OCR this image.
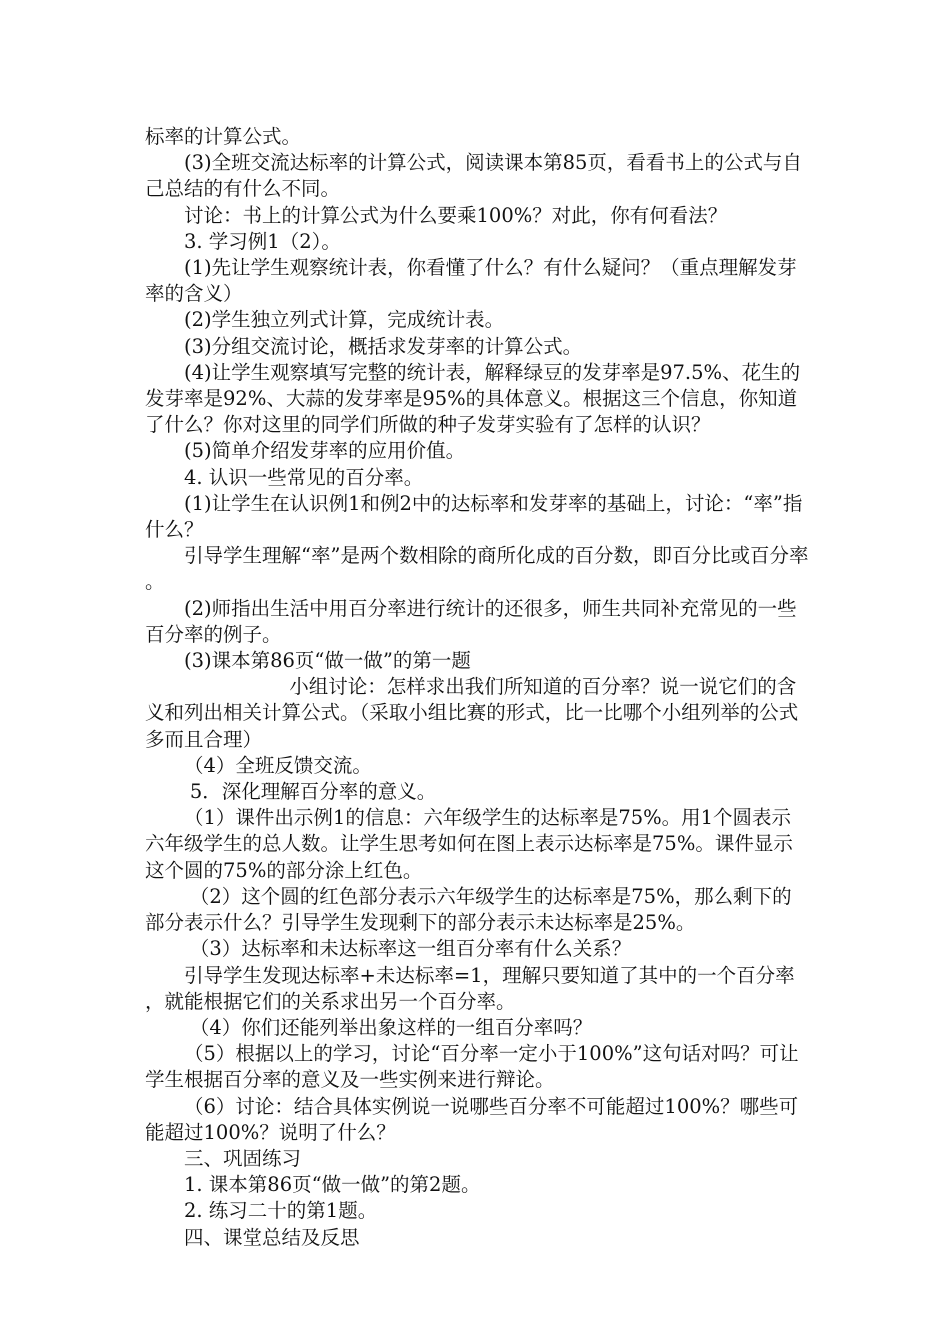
标率的计算公式。

(3)全班交流达标率的计算公式，阅读课本第85页，看看书上的公式与自己总结的有什么不同。

讨论：书上的计算公式为什么要乘100%？对此，你有何看法？

3. 学习例1（2）。

(1)先让学生观察统计表，你看懂了什么？有什么疑问？（重点理解发芽率的含义）

(2)学生独立列式计算，完成统计表。

(3)分组交流讨论，概括求发芽率的计算公式。

(4)让学生观察填写完整的统计表，解释绿豆的发芽率是97.5%、花生的发芽率是92%、大蒜的发芽率是95%的具体意义。根据这三个信息，你知道了什么？你对这里的同学们所做的种子发芽实验有了怎样的认识？

(5)简单介绍发芽率的应用价值。

4. 认识一些常见的百分率。

(1)让学生在认识例1和例2中的达标率和发芽率的基础上，讨论：“率”指什么？

引导学生理解“率”是两个数相除的商所化成的百分数，即百分比或百分率。

(2)师指出生活中用百分率进行统计的还很多，师生共同补充常见的一些百分率的例子。

(3)课本第86页“做一做”的第一题

小组讨论：怎样求出我们所知道的百分率？说一说它们的含义和列出相关计算公式。（采取小组比赛的形式，比一比哪个小组列举的公式多而且合理）

（4）全班反馈交流。

5．深化理解百分率的意义。

（1）课件出示例1的信息：六年级学生的达标率是75%。用1个圆表示六年级学生的总人数。让学生思考如何在图上表示达标率是75%。课件显示这个圆的75%的部分涂上红色。

（2）这个圆的红色部分表示六年级学生的达标率是75%，那么剩下的部分表示什么？引导学生发现剩下的部分表示未达标率是25%。

（3）达标率和未达标率这一组百分率有什么关系？

引导学生发现达标率+未达标率=1，理解只要知道了其中的一个百分率，就能根据它们的关系求出另一个百分率。

（4）你们还能列举出象这样的一组百分率吗？

（5）根据以上的学习，讨论“百分率一定小于100%”这句话对吗？可让学生根据百分率的意义及一些实例来进行辩论。

（6）讨论：结合具体实例说一说哪些百分率不可能超过100%？哪些可能超过100%？说明了什么？

三、巩固练习

1. 课本第86页“做一做”的第2题。

2. 练习二十的第1题。

四、课堂总结及反思
